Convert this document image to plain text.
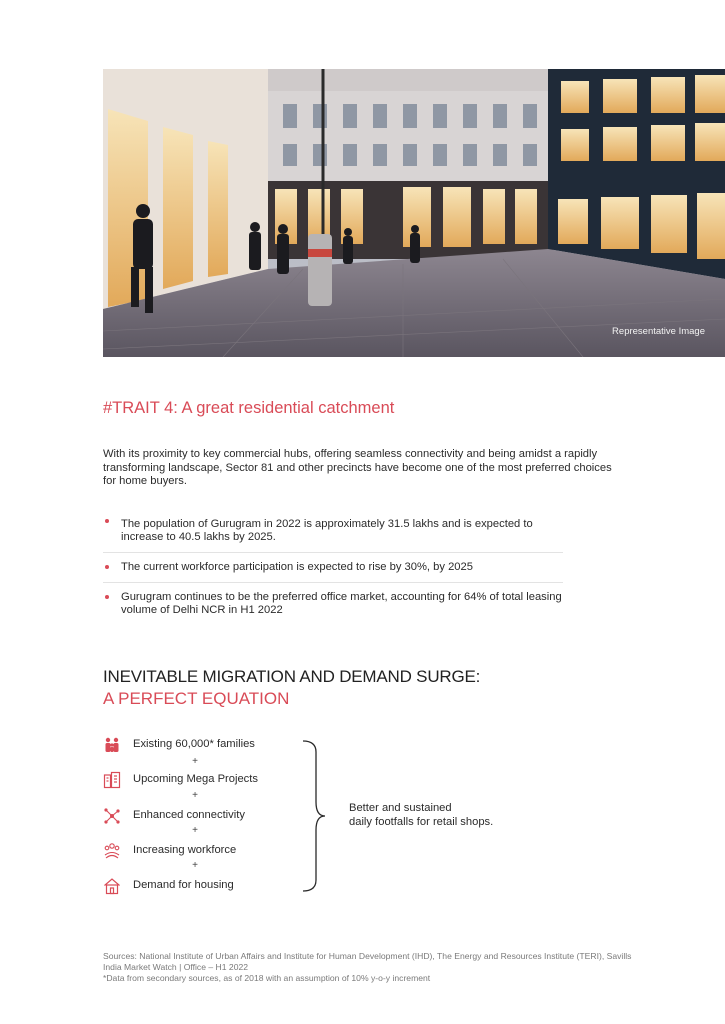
Representative Image
#TRAIT 4: A great residential catchment

With its proximity to key commercial hubs, offering seamless connectivity and being amidst a rapidly transforming landscape, Sector 81 and other precincts have become one of the most preferred choices for home buyers.

The population of Gurugram in 2022 is approximately 31.5 lakhs and is expected to increase to 40.5 lakhs by 2025.
The current workforce participation is expected to rise by 30%, by 2025
Gurugram continues to be the preferred office market, accounting for 64% of total leasing volume of Delhi NCR in H1 2022
INEVITABLE MIGRATION AND DEMAND SURGE:
A PERFECT EQUATION
Existing 60,000* families
+
Upcoming Mega Projects
+
Enhanced connectivity
+
Increasing workforce
+
Demand for housing
Better and sustained
daily footfalls for retail shops.
Sources: National Institute of Urban Affairs and Institute for Human Development (IHD), The Energy and Resources Institute (TERI), Savills India Market Watch | Office – H1 2022
*Data from secondary sources, as of 2018 with an assumption of 10% y-o-y increment
